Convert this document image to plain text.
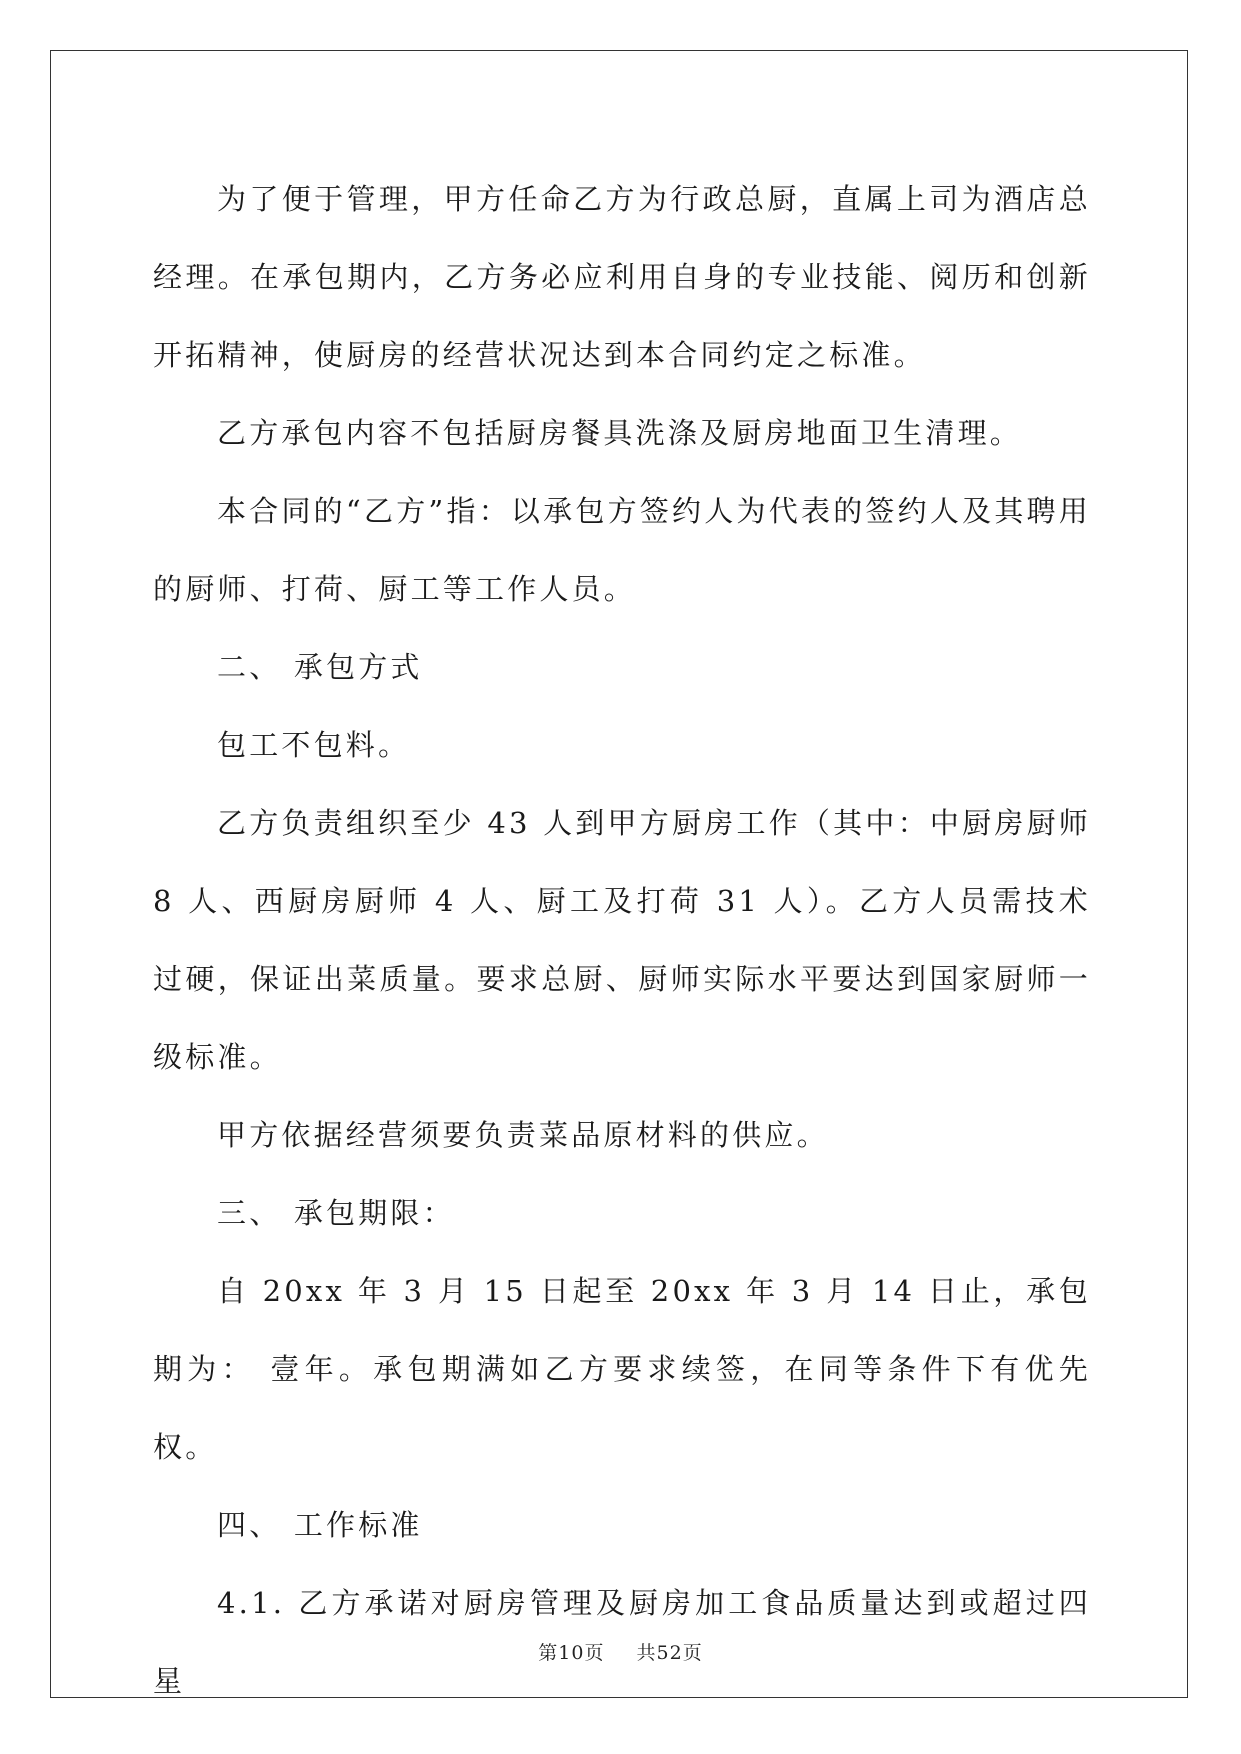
为了便于管理，甲方任命乙方为行政总厨，直属上司为酒店总经理。在承包期内，乙方务必应利用自身的专业技能、阅历和创新开拓精神，使厨房的经营状况达到本合同约定之标准。

乙方承包内容不包括厨房餐具洗涤及厨房地面卫生清理。

本合同的“乙方”指：以承包方签约人为代表的签约人及其聘用的厨师、打荷、厨工等工作人员。

二、 承包方式

包工不包料。

乙方负责组织至少 43 人到甲方厨房工作（其中：中厨房厨师 8 人、西厨房厨师 4 人、厨工及打荷 31 人）。乙方人员需技术过硬，保证出菜质量。要求总厨、厨师实际水平要达到国家厨师一级标准。

甲方依据经营须要负责菜品原材料的供应。

三、 承包期限：

自 20xx 年 3 月 15 日起至 20xx 年 3 月 14 日止，承包期为： 壹年。承包期满如乙方要求续签，在同等条件下有优先权。

四、 工作标准

4.1. 乙方承诺对厨房管理及厨房加工食品质量达到或超过四星

第10页 共52页
